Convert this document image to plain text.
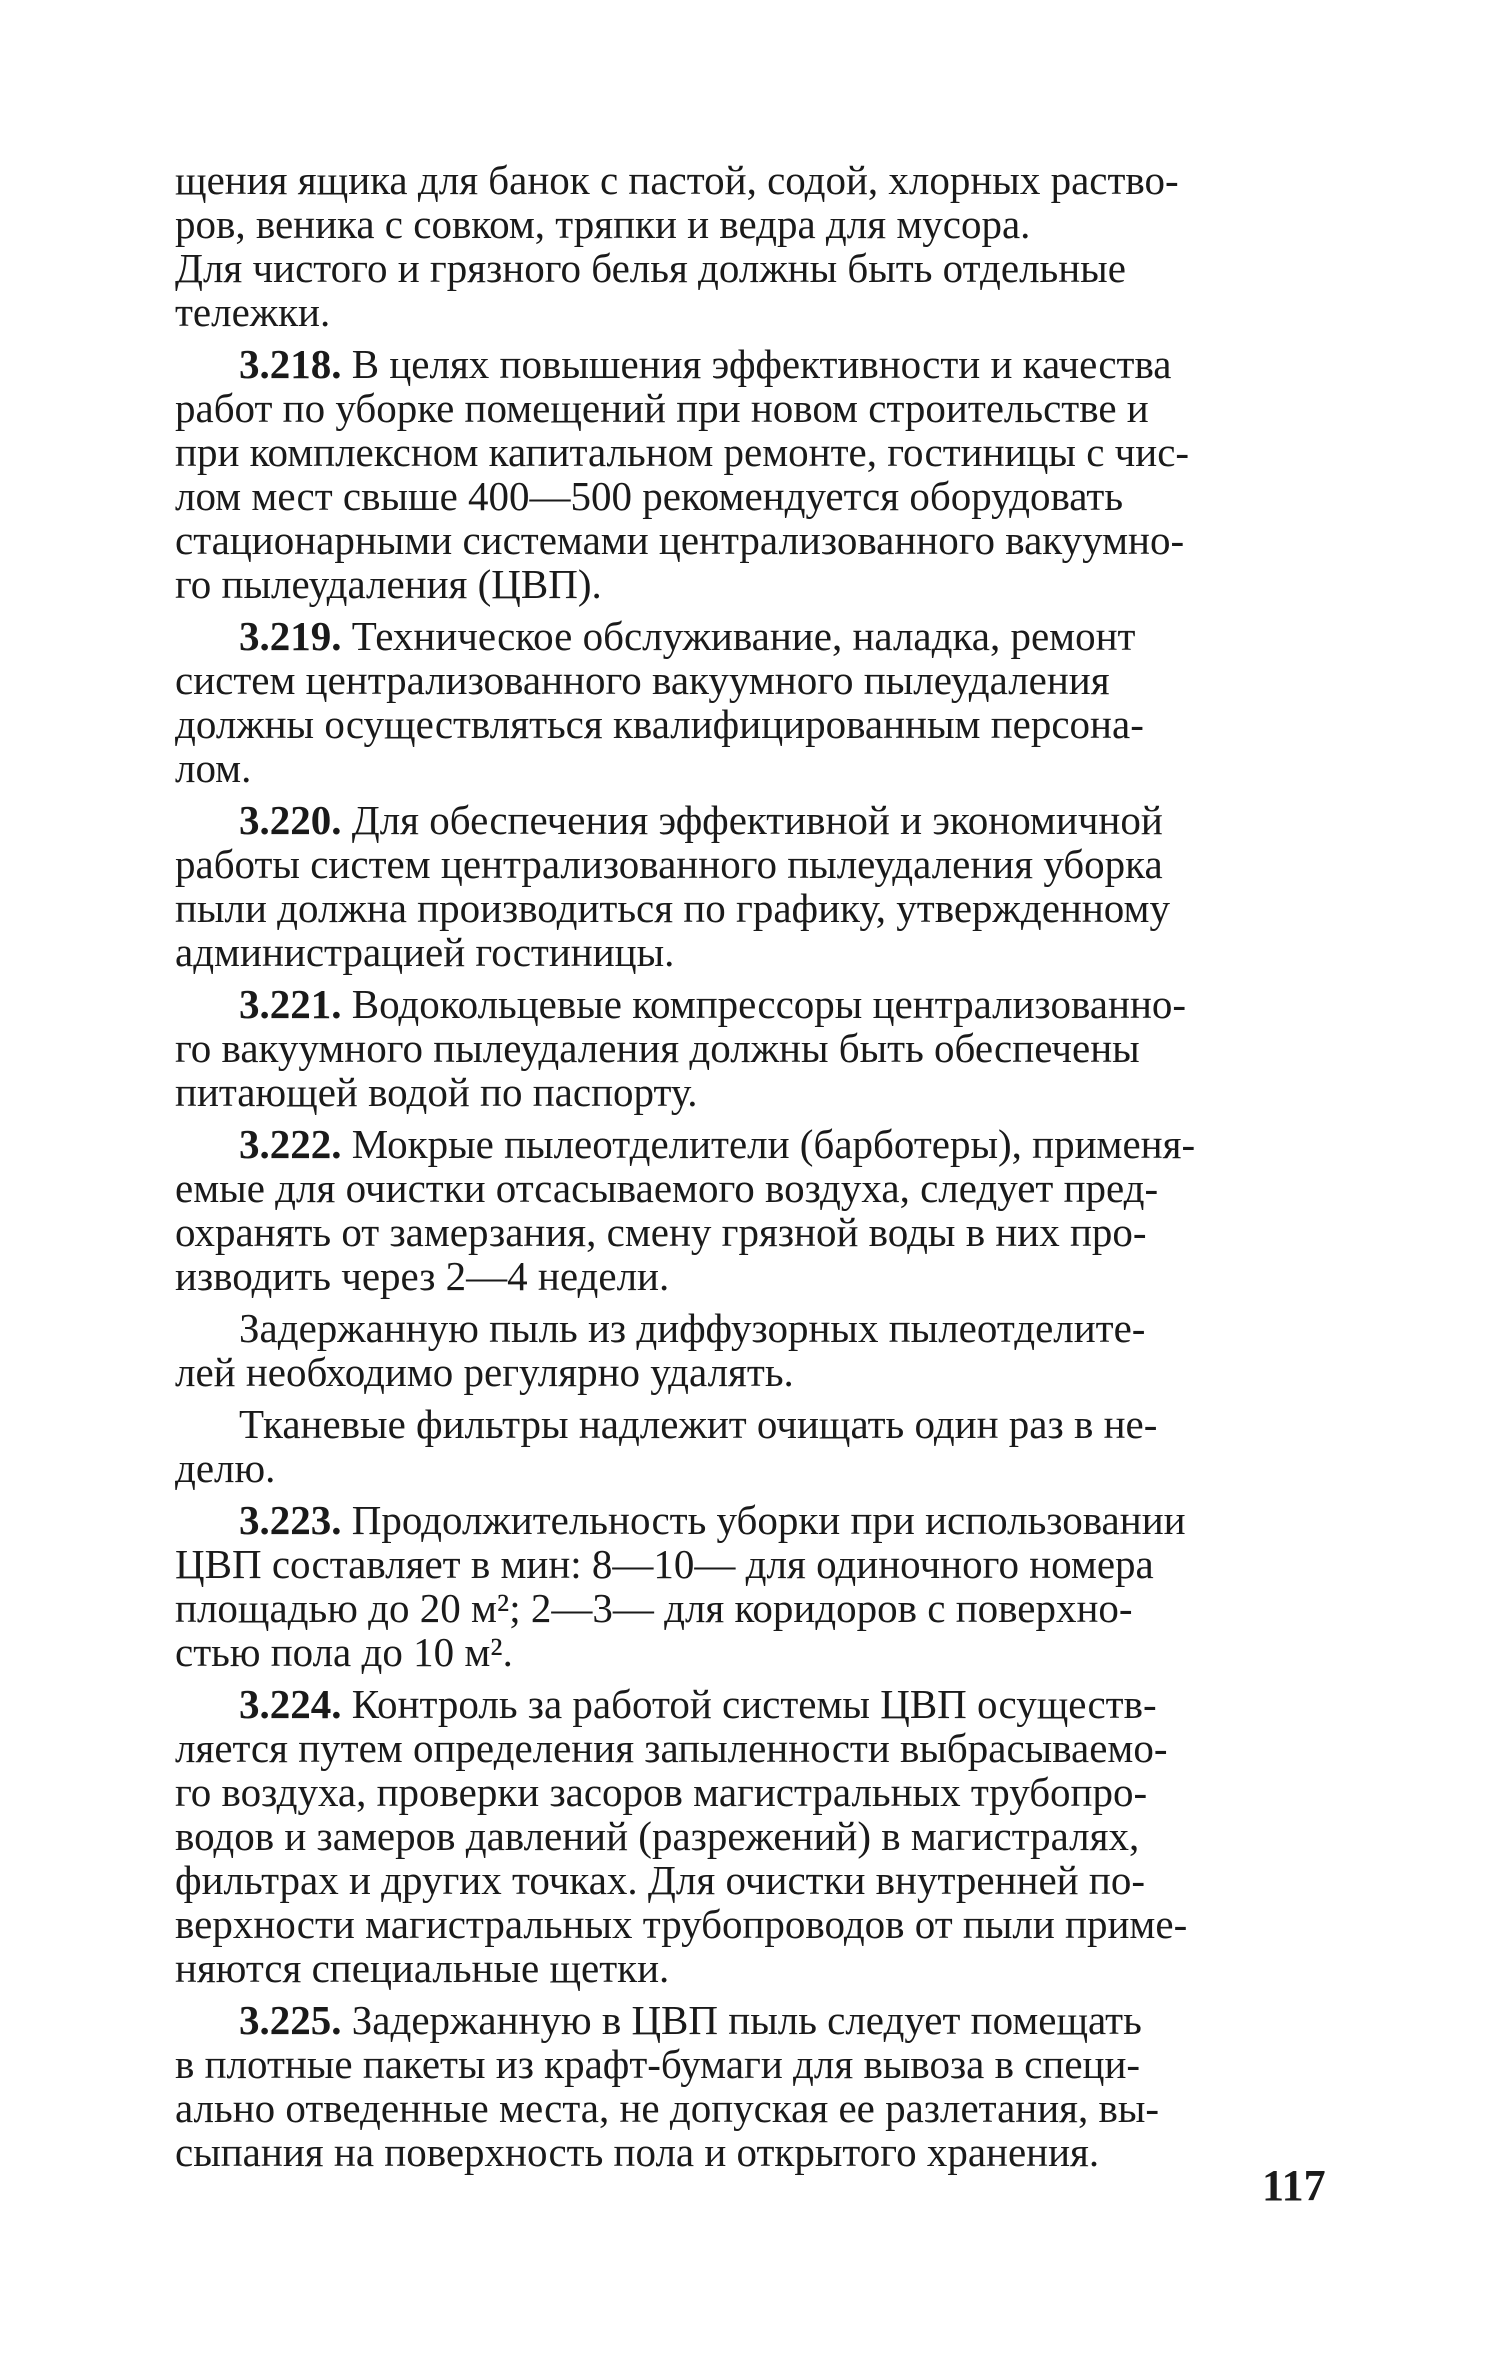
щения ящика для банок с пастой, содой, хлорных раство-
ров, веника с совком, тряпки и ведра для мусора.
Для чистого и грязного белья должны быть отдельные
тележки.

3.218. В целях повышения эффективности и качества
работ по уборке помещений при новом строительстве и
при комплексном капитальном ремонте, гостиницы с чис-
лом мест свыше 400—500 рекомендуется оборудовать
стационарными системами централизованного вакуумно-
го пылеудаления (ЦВП).

3.219. Техническое обслуживание, наладка, ремонт
систем централизованного вакуумного пылеудаления
должны осуществляться квалифицированным персона-
лом.

3.220. Для обеспечения эффективной и экономичной
работы систем централизованного пылеудаления уборка
пыли должна производиться по графику, утвержденному
администрацией гостиницы.

3.221. Водокольцевые компрессоры централизованно-
го вакуумного пылеудаления должны быть обеспечены
питающей водой по паспорту.

3.222. Мокрые пылеотделители (барботеры), применя-
емые для очистки отсасываемого воздуха, следует пред-
охранять от замерзания, смену грязной воды в них про-
изводить через 2—4 недели.

Задержанную пыль из диффузорных пылеотделите-
лей необходимо регулярно удалять.

Тканевые фильтры надлежит очищать один раз в не-
делю.

3.223. Продолжительность уборки при использовании
ЦВП составляет в мин: 8—10— для одиночного номера
площадью до 20 м²; 2—3— для коридоров с поверхно-
стью пола до 10 м².

3.224. Контроль за работой системы ЦВП осуществ-
ляется путем определения запыленности выбрасываемо-
го воздуха, проверки засоров магистральных трубопро-
водов и замеров давлений (разрежений) в магистралях,
фильтрах и других точках. Для очистки внутренней по-
верхности магистральных трубопроводов от пыли приме-
няются специальные щетки.

3.225. Задержанную в ЦВП пыль следует помещать
в плотные пакеты из крафт-бумаги для вывоза в специ-
ально отведенные места, не допуская ее разлетания, вы-
сыпания на поверхность пола и открытого хранения.

117
